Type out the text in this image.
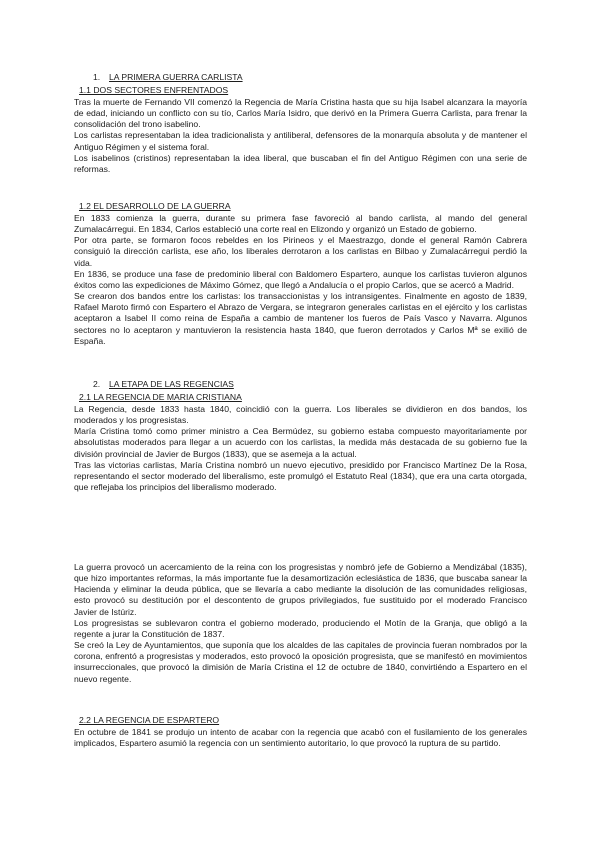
1. LA PRIMERA GUERRA CARLISTA
1.1 DOS SECTORES ENFRENTADOS

Tras la muerte de Fernando VII comenzó la Regencia de María Cristina hasta que su hija Isabel alcanzara la mayoría de edad, iniciando un conflicto con su tío, Carlos María Isidro, que derivó en la Primera Guerra Carlista, para frenar la consolidación del trono isabelino.

Los carlistas representaban la idea tradicionalista y antiliberal, defensores de la monarquía absoluta y de mantener el Antiguo Régimen y el sistema foral.

Los isabelinos (cristinos) representaban la idea liberal, que buscaban el fin del Antiguo Régimen con una serie de reformas.

1.2 EL DESARROLLO DE LA GUERRA

En 1833 comienza la guerra, durante su primera fase favoreció al bando carlista, al mando del general Zumalacárregui. En 1834, Carlos estableció una corte real en Elizondo y organizó un Estado de gobierno.

Por otra parte, se formaron focos rebeldes en los Pirineos y el Maestrazgo, donde el general Ramón Cabrera consiguió la dirección carlista, ese año, los liberales derrotaron a los carlistas en Bilbao y Zumalacárregui perdió la vida.

En 1836, se produce una fase de predominio liberal con Baldomero Espartero, aunque los carlistas tuvieron algunos éxitos como las expediciones de Máximo Gómez, que llegó a Andalucía o el propio Carlos, que se acercó a Madrid.

Se crearon dos bandos entre los carlistas: los transaccionistas y los intransigentes. Finalmente en agosto de 1839, Rafael Maroto firmó con Espartero el Abrazo de Vergara, se integraron generales carlistas en el ejército y los carlistas aceptaron a Isabel II como reina de España a cambio de mantener los fueros de País Vasco y Navarra. Algunos sectores no lo aceptaron y mantuvieron la resistencia hasta 1840, que fueron derrotados y Carlos Mª se exilió de España.

2. LA ETAPA DE LAS REGENCIAS
2.1 LA REGENCIA DE MARIA CRISTIANA

La Regencia, desde 1833 hasta 1840, coincidió con la guerra. Los liberales se dividieron en dos bandos, los moderados y los progresistas.

María Cristina tomó como primer ministro a Cea Bermúdez, su gobierno estaba compuesto mayoritariamente por absolutistas moderados para llegar a un acuerdo con los carlistas, la medida más destacada de su gobierno fue la división provincial de Javier de Burgos (1833), que se asemeja a la actual.

Tras las victorias carlistas, María Cristina nombró un nuevo ejecutivo, presidido por Francisco Martínez De la Rosa, representando el sector moderado del liberalismo, este promulgó el Estatuto Real (1834), que era una carta otorgada, que reflejaba los principios del liberalismo moderado.

La guerra provocó un acercamiento de la reina con los progresistas y nombró jefe de Gobierno a Mendizábal (1835), que hizo importantes reformas, la más importante fue la desamortización eclesiástica de 1836, que buscaba sanear la Hacienda y eliminar la deuda pública, que se llevaría a cabo mediante la disolución de las comunidades religiosas, esto provocó su destitución por el descontento de grupos privilegiados, fue sustituido por el moderado Francisco Javier de Istúriz.

Los progresistas se sublevaron contra el gobierno moderado, produciendo el Motín de la Granja, que obligó a la regente a jurar la Constitución de 1837.

Se creó la Ley de Ayuntamientos, que suponía que los alcaldes de las capitales de provincia fueran nombrados por la corona, enfrentó a progresistas y moderados, esto provocó la oposición progresista, que se manifestó en movimientos insurreccionales, que provocó la dimisión de María Cristina el 12 de octubre de 1840, convirtiéndo a Espartero en el nuevo regente.

2.2 LA REGENCIA DE ESPARTERO

En octubre de 1841 se produjo un intento de acabar con la regencia que acabó con el fusilamiento de los generales implicados, Espartero asumió la regencia con un sentimiento autoritario, lo que provocó la ruptura de su partido.
